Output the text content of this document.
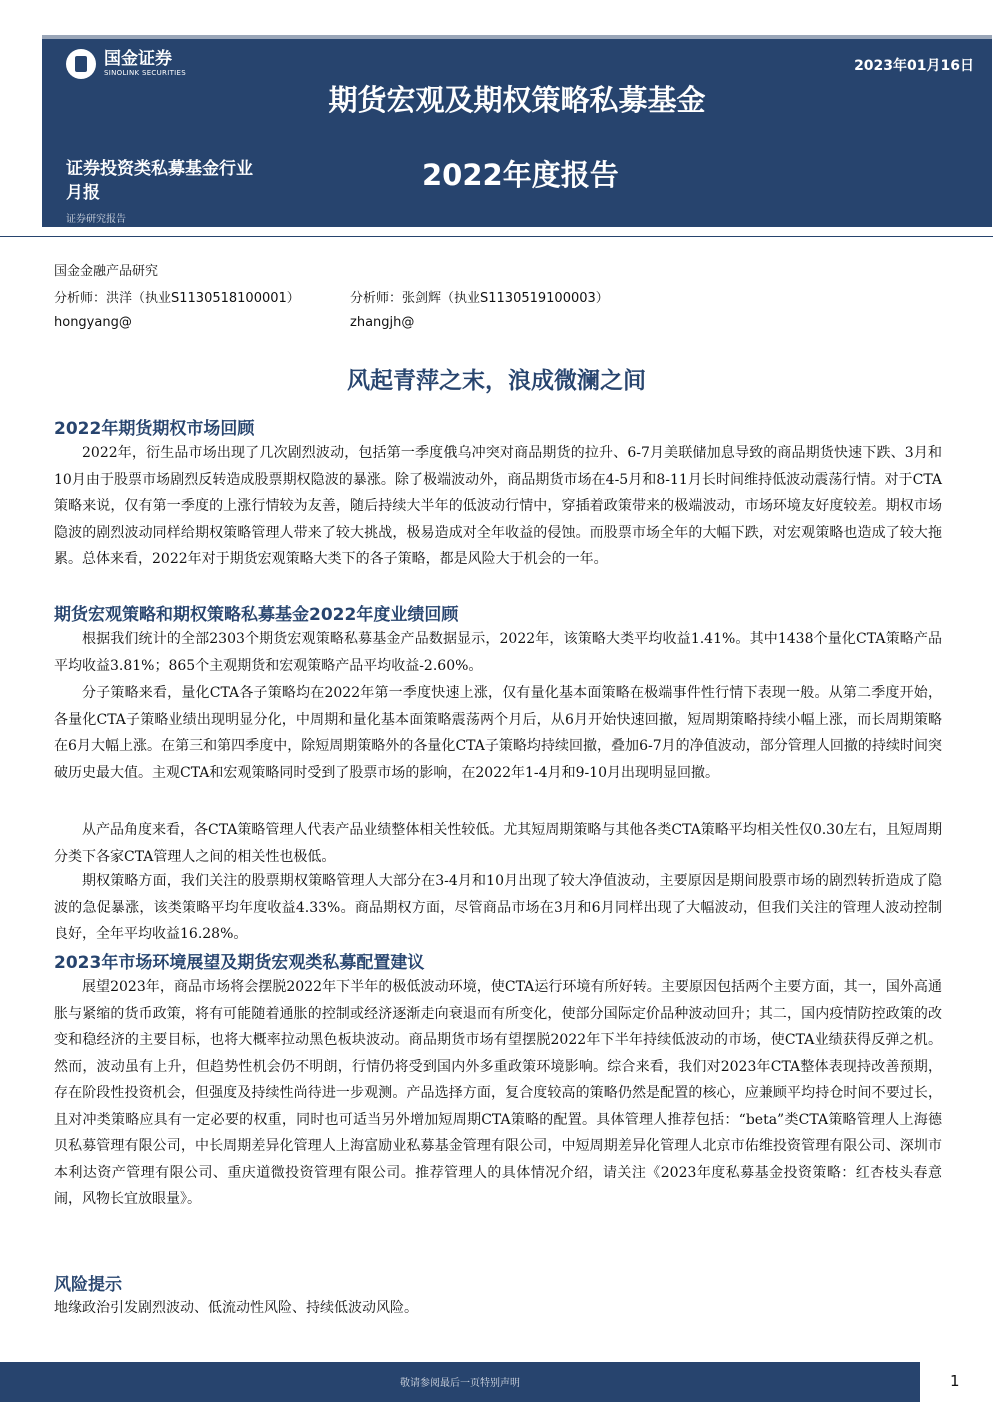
国金证券
SINOLINK SECURITIES	2023年01月16日
期货宏观及期权策略私募基金
2022年度报告
证券投资类私募基金行业月报
证券研究报告
国金金融产品研究
分析师：洪洋（执业S1130518100001）	分析师：张剑辉（执业S1130519100003）
hongyang@	zhangjh@
风起青萍之末，浪成微澜之间
2022年期货期权市场回顾

2022年，衍生品市场出现了几次剧烈波动，包括第一季度俄乌冲突对商品期货的拉升、6-7月美联储加息导致的商品期货快速下跌、3月和10月由于股票市场剧烈反转造成股票期权隐波的暴涨。除了极端波动外，商品期货市场在4-5月和8-11月长时间维持低波动震荡行情。对于CTA策略来说，仅有第一季度的上涨行情较为友善，随后持续大半年的低波动行情中，穿插着政策带来的极端波动，市场环境友好度较差。期权市场隐波的剧烈波动同样给期权策略管理人带来了较大挑战，极易造成对全年收益的侵蚀。而股票市场全年的大幅下跌，对宏观策略也造成了较大拖累。总体来看，2022年对于期货宏观策略大类下的各子策略，都是风险大于机会的一年。

期货宏观策略和期权策略私募基金2022年度业绩回顾

根据我们统计的全部2303个期货宏观策略私募基金产品数据显示，2022年，该策略大类平均收益1.41%。其中1438个量化CTA策略产品平均收益3.81%；865个主观期货和宏观策略产品平均收益-2.60%。

分子策略来看，量化CTA各子策略均在2022年第一季度快速上涨，仅有量化基本面策略在极端事件性行情下表现一般。从第二季度开始，各量化CTA子策略业绩出现明显分化，中周期和量化基本面策略震荡两个月后，从6月开始快速回撤，短周期策略持续小幅上涨，而长周期策略在6月大幅上涨。在第三和第四季度中，除短周期策略外的各量化CTA子策略均持续回撤，叠加6-7月的净值波动，部分管理人回撤的持续时间突破历史最大值。主观CTA和宏观策略同时受到了股票市场的影响，在2022年1-4月和9-10月出现明显回撤。

从产品角度来看，各CTA策略管理人代表产品业绩整体相关性较低。尤其短周期策略与其他各类CTA策略平均相关性仅0.30左右，且短周期分类下各家CTA管理人之间的相关性也极低。

期权策略方面，我们关注的股票期权策略管理人大部分在3-4月和10月出现了较大净值波动，主要原因是期间股票市场的剧烈转折造成了隐波的急促暴涨，该类策略平均年度收益4.33%。商品期权方面，尽管商品市场在3月和6月同样出现了大幅波动，但我们关注的管理人波动控制良好，全年平均收益16.28%。

2023年市场环境展望及期货宏观类私募配置建议

展望2023年，商品市场将会摆脱2022年下半年的极低波动环境，使CTA运行环境有所好转。主要原因包括两个主要方面，其一，国外高通胀与紧缩的货币政策，将有可能随着通胀的控制或经济逐渐走向衰退而有所变化，使部分国际定价品种波动回升；其二，国内疫情防控政策的改变和稳经济的主要目标，也将大概率拉动黑色板块波动。商品期货市场有望摆脱2022年下半年持续低波动的市场，使CTA业绩获得反弹之机。然而，波动虽有上升，但趋势性机会仍不明朗，行情仍将受到国内外多重政策环境影响。综合来看，我们对2023年CTA整体表现持改善预期，存在阶段性投资机会，但强度及持续性尚待进一步观测。产品选择方面，复合度较高的策略仍然是配置的核心，应兼顾平均持仓时间不要过长，且对冲类策略应具有一定必要的权重，同时也可适当另外增加短周期CTA策略的配置。具体管理人推荐包括：“beta”类CTA策略管理人上海德贝私募管理有限公司，中长周期差异化管理人上海富励业私募基金管理有限公司，中短周期差异化管理人北京市佑维投资管理有限公司、深圳市本利达资产管理有限公司、重庆道微投资管理有限公司。推荐管理人的具体情况介绍，请关注《2023年度私募基金投资策略：红杏枝头春意闹，风物长宜放眼量》。

风险提示

地缘政治引发剧烈波动、低流动性风险、持续低波动风险。

敬请参阅最后一页特别声明	1
